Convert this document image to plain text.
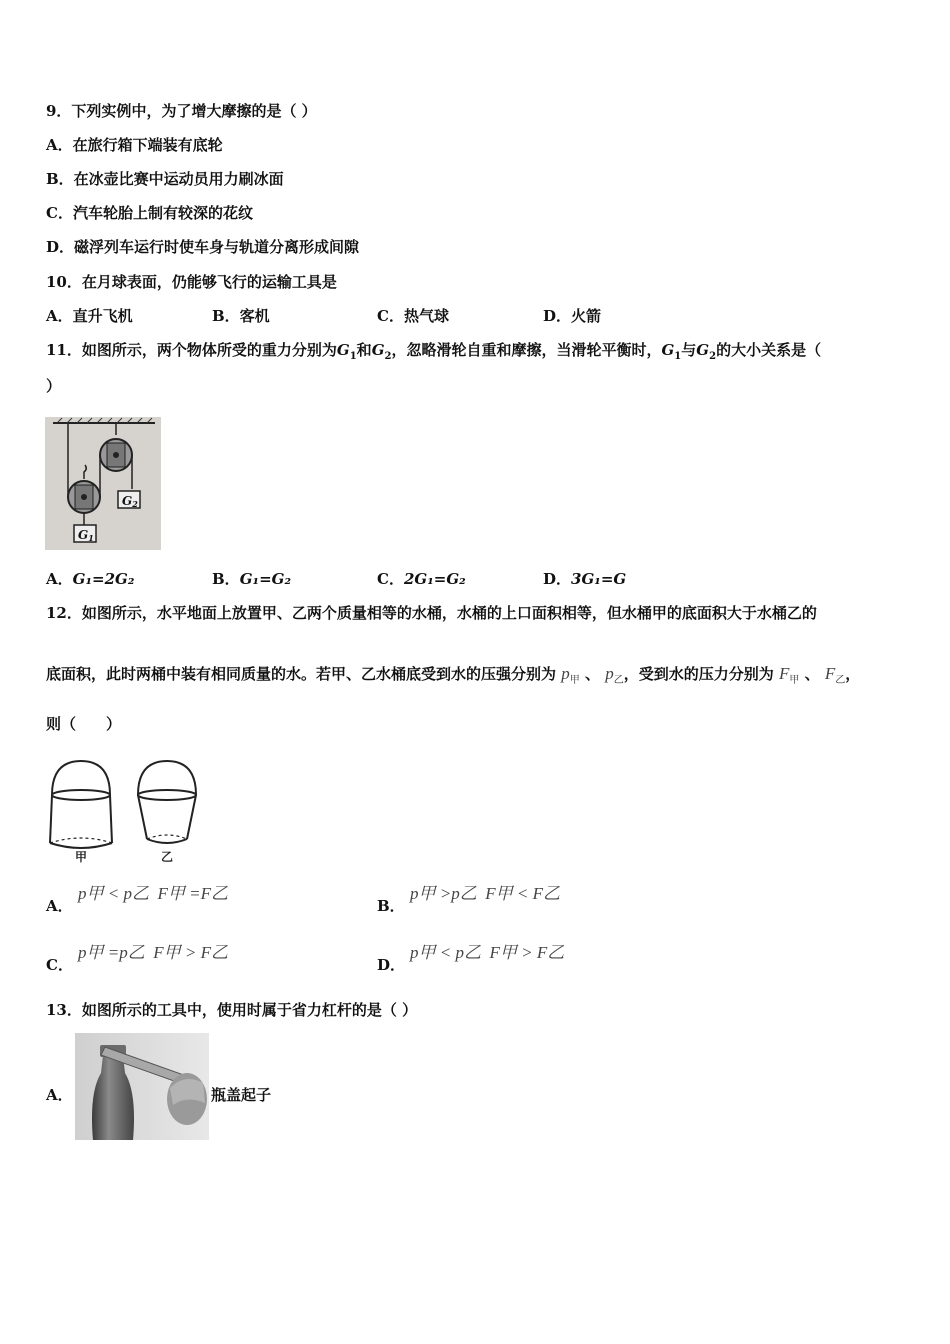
9．下列实例中，为了增大摩擦的是（ ）
A．在旅行箱下端装有底轮
B．在冰壶比赛中运动员用力刷冰面
C．汽车轮胎上制有较深的花纹
D．磁浮列车运行时使车身与轨道分离形成间隙
10．在月球表面，仍能够飞行的运输工具是
A．直升飞机	B．客机	C．热气球	D．火箭
11．如图所示，两个物体所受的重力分别为$G_1$和$G_2$，忽略滑轮自重和摩擦，当滑轮平衡时，$G_1$与$G_2$的大小关系是（
）
G1
G2
A．G₁=2G₂	B．G₁=G₂	C．2G₁=G₂	D．3G₁=G
12．如图所示，水平地面上放置甲、乙两个质量相等的水桶，水桶的上口面积相等，但水桶甲的底面积大于水桶乙的
底面积，此时两桶中装有相同质量的水。若甲、乙水桶底受到水的压强分别为 $p_甲$ 、 $p_乙$，受到水的压力分别为 $F_甲$ 、 $F_乙$，
则（　　）
甲	乙
A．
p甲 < p乙 F甲 =F乙
B．
p甲 >p乙 F甲 < F乙
C．
p甲 =p乙 F甲 > F乙
D．
p甲 < p乙 F甲 > F乙
13．如图所示的工具中，使用时属于省力杠杆的是（ ）
A．	瓶盖起子
